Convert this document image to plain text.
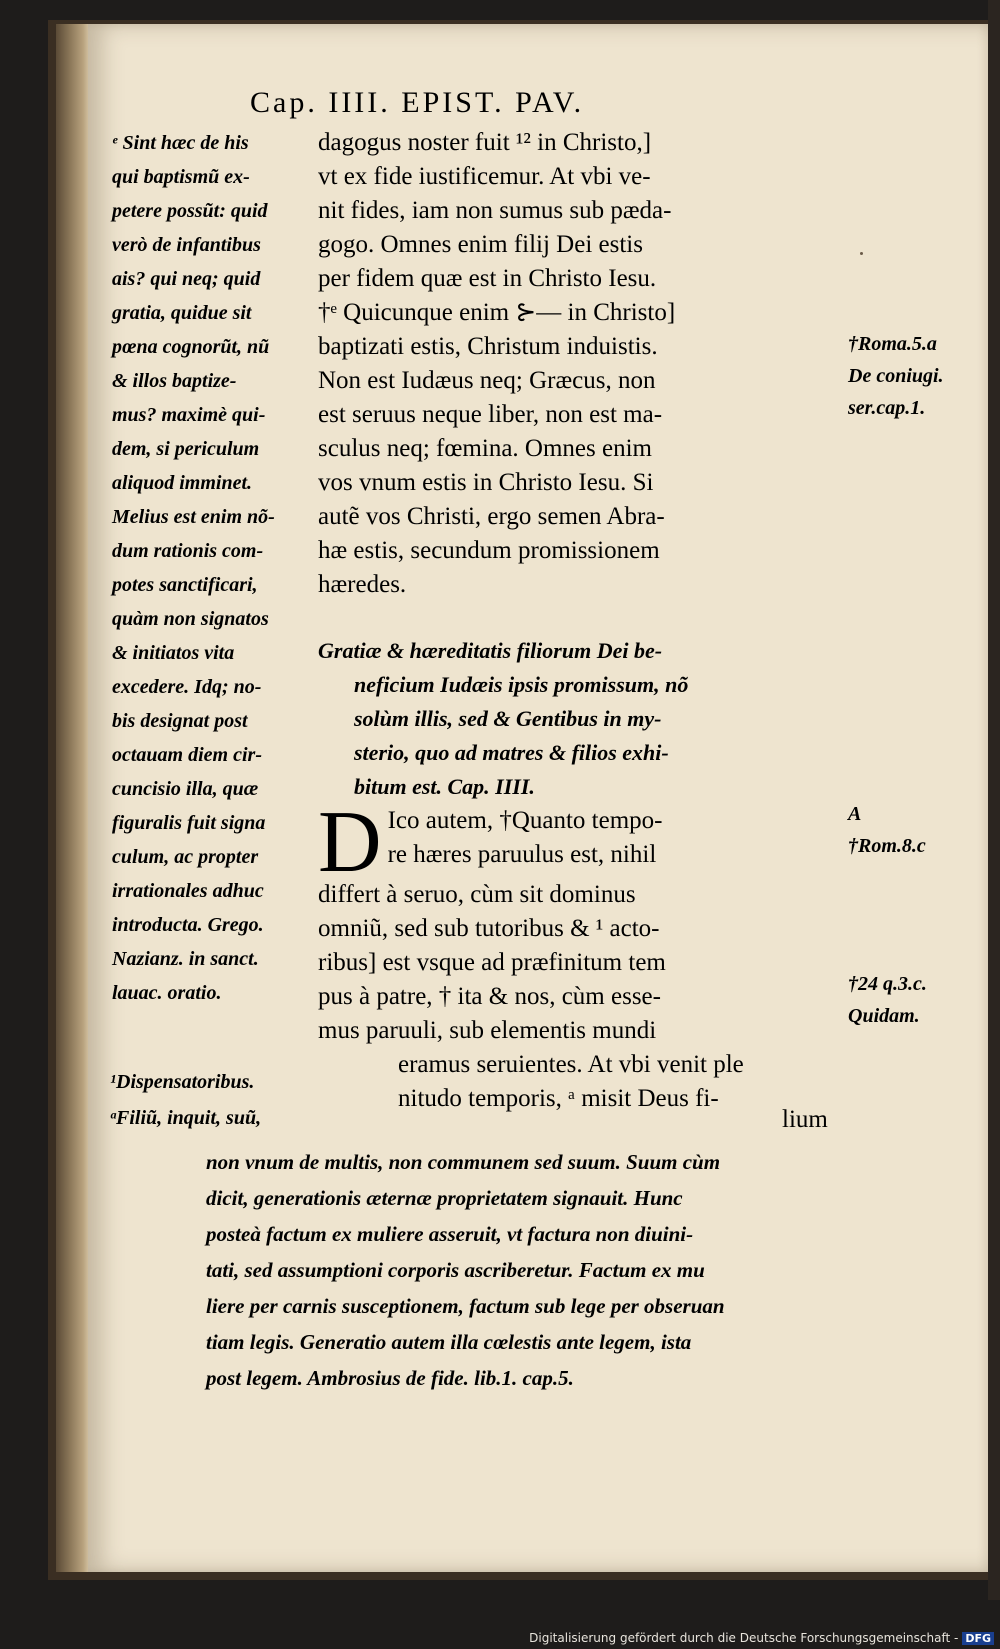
Cap. IIII. EPIST. PAV.

ᵉ Sint hæc de his

qui baptismũ ex-

petere possũt: quid

verò de infantibus

ais? qui neq; quid

gratia, quidue sit

pœna cognorũt, nũ

& illos baptize-

mus? maximè qui-

dem, si periculum

aliquod imminet.

Melius est enim nõ-

dum rationis com-

potes sanctificari,

quàm non signatos

& initiatos vita

excedere. Idq; no-

bis designat post

octauam diem cir-

cuncisio illa, quæ

figuralis fuit signa

culum, ac propter

irrationales adhuc

introducta. Grego.

Nazianz. in sanct.

lauac. oratio.

dagogus noster fuit ¹² in Christo,]

vt ex fide iustificemur. At vbi ve-

nit fides, iam non sumus sub pæda-

gogo. Omnes enim filij Dei estis

per fidem quæ est in Christo Iesu.

†ᵉ Quicunque enim ⊱— in Christo]

baptizati estis, Christum induistis.

Non est Iudæus neq; Græcus, non

est seruus neque liber, non est ma-

sculus neq; fœmina. Omnes enim

vos vnum estis in Christo Iesu. Si

autẽ vos Christi, ergo semen Abra-

hæ estis, secundum promissionem

hæredes.

†Roma.5.a

De coniugi.

ser.cap.1.

Gratiæ & hæreditatis filiorum Dei be-

neficium Iudæis ipsis promissum, nõ

solùm illis, sed & Gentibus in my-

sterio, quo ad matres & filios exhi-

bitum est. Cap. IIII.

A

†Rom.8.c

D Ico autem, †Quanto tempo-

re hæres paruulus est, nihil

differt à seruo, cùm sit dominus

omniũ, sed sub tutoribus & ¹ acto-

ribus] est vsque ad præfinitum tem

pus à patre, † ita & nos, cùm esse-

mus paruuli, sub elementis mundi

eramus seruientes. At vbi venit ple

nitudo temporis, ᵃ misit Deus fi-

†24 q.3.c.

Quidam.

lium

¹Dispensatoribus.

ᵃFiliũ, inquit, suũ,

non vnum de multis, non communem sed suum. Suum cùm

dicit, generationis æternæ proprietatem signauit. Hunc

posteà factum ex muliere asseruit, vt factura non diuini-

tati, sed assumptioni corporis ascriberetur. Factum ex mu

liere per carnis susceptionem, factum sub lege per obseruan

tiam legis. Generatio autem illa cœlestis ante legem, ista

post legem. Ambrosius de fide. lib.1. cap.5.

Digitalisierung gefördert durch die Deutsche Forschungsgemeinschaft - DFG
